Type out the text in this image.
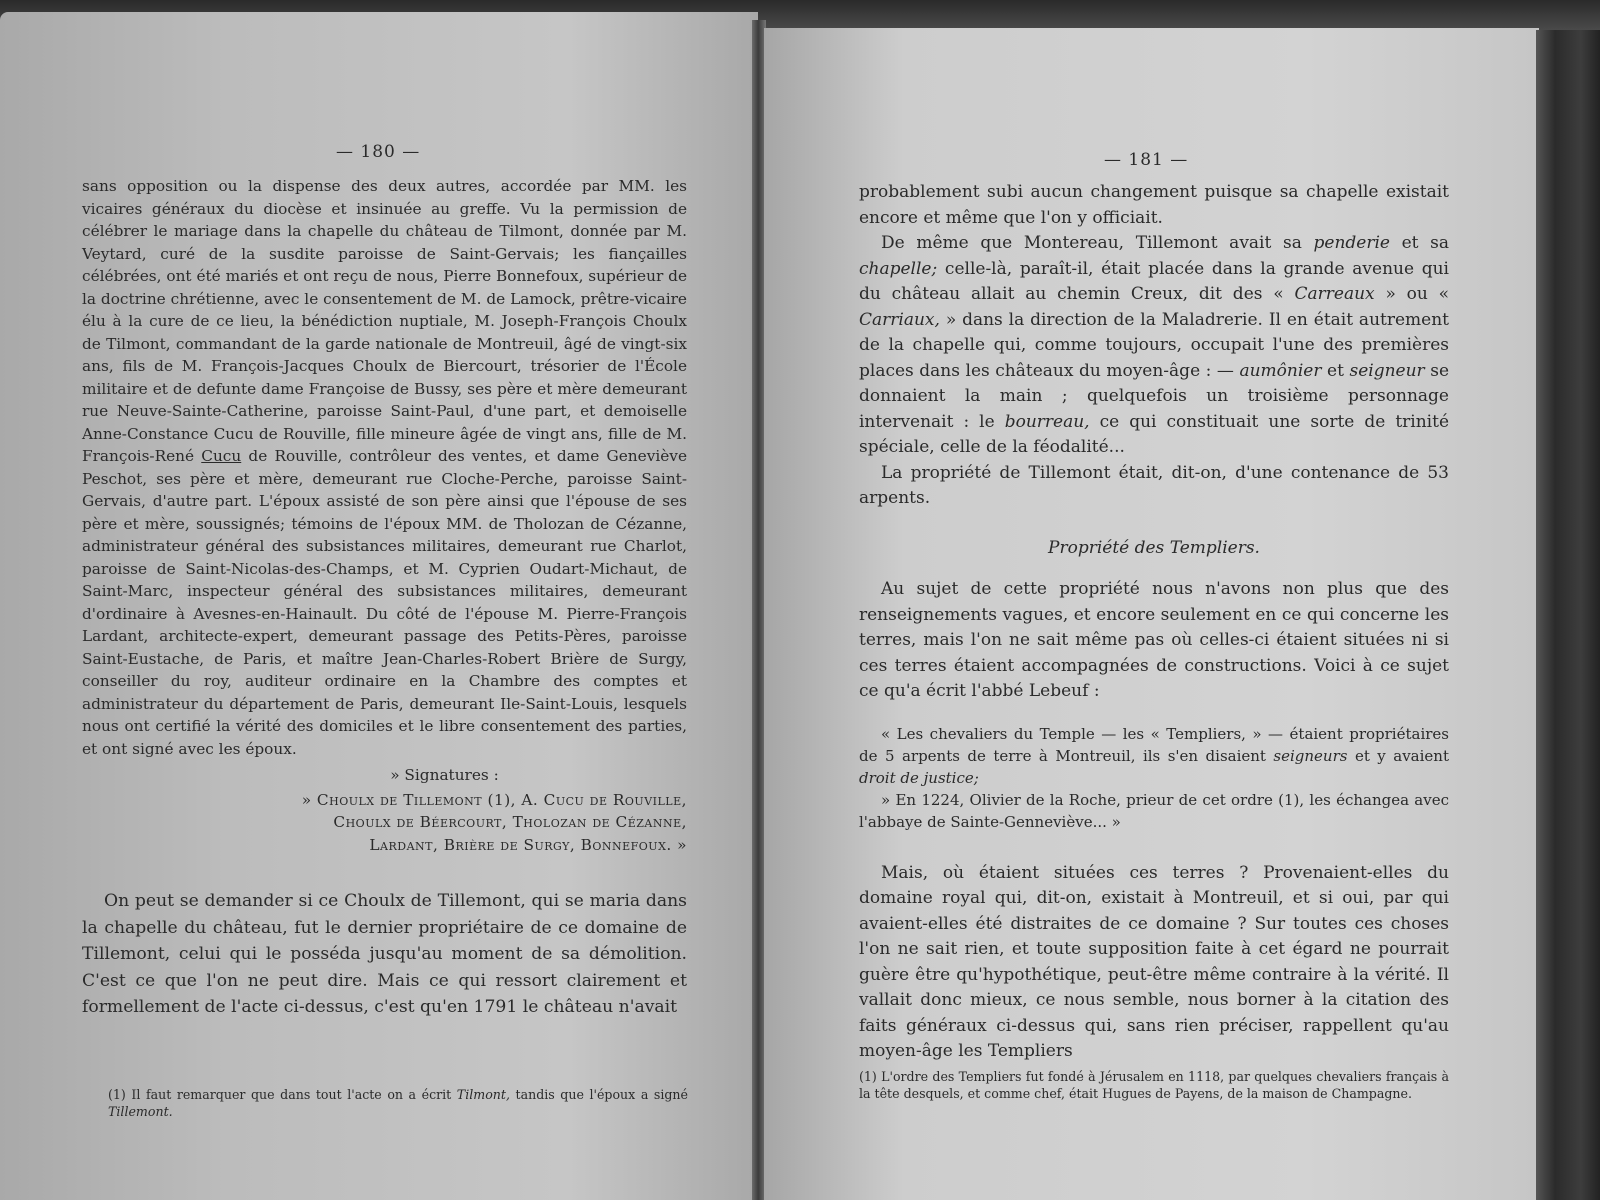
— 180 —

sans opposition ou la dispense des deux autres, accordée par MM. les vicaires généraux du diocèse et insinuée au greffe. Vu la permission de célébrer le mariage dans la chapelle du château de Tilmont, donnée par M. Veytard, curé de la susdite paroisse de Saint-Gervais; les fiançailles célébrées, ont été mariés et ont reçu de nous, Pierre Bonnefoux, supérieur de la doctrine chrétienne, avec le consentement de M. de Lamock, prêtre-vicaire élu à la cure de ce lieu, la bénédiction nuptiale, M. Joseph-François Choulx de Tilmont, commandant de la garde nationale de Montreuil, âgé de vingt-six ans, fils de M. François-Jacques Choulx de Biercourt, trésorier de l'École militaire et de defunte dame Françoise de Bussy, ses père et mère demeurant rue Neuve-Sainte-Catherine, paroisse Saint-Paul, d'une part, et demoiselle Anne-Constance Cucu de Rouville, fille mineure âgée de vingt ans, fille de M. François-René Cucu de Rouville, contrôleur des ventes, et dame Geneviève Peschot, ses père et mère, demeurant rue Cloche-Perche, paroisse Saint-Gervais, d'autre part. L'époux assisté de son père ainsi que l'épouse de ses père et mère, soussignés; témoins de l'époux MM. de Tholozan de Cézanne, administrateur général des subsistances militaires, demeurant rue Charlot, paroisse de Saint-Nicolas-des-Champs, et M. Cyprien Oudart-Michaut, de Saint-Marc, inspecteur général des subsistances militaires, demeurant d'ordinaire à Avesnes-en-Hainault. Du côté de l'épouse M. Pierre-François Lardant, architecte-expert, demeurant passage des Petits-Pères, paroisse Saint-Eustache, de Paris, et maître Jean-Charles-Robert Brière de Surgy, conseiller du roy, auditeur ordinaire en la Chambre des comptes et administrateur du département de Paris, demeurant Ile-Saint-Louis, lesquels nous ont certifié la vérité des domiciles et le libre consentement des parties, et ont signé avec les époux.

» Signatures :

» Choulx de Tillemont (1), A. Cucu de Rouville,

Choulx de Béercourt, Tholozan de Cézanne,

Lardant, Brière de Surgy, Bonnefoux. »

On peut se demander si ce Choulx de Tillemont, qui se maria dans la chapelle du château, fut le dernier propriétaire de ce domaine de Tillemont, celui qui le posséda jusqu'au moment de sa démolition. C'est ce que l'on ne peut dire. Mais ce qui ressort clairement et formellement de l'acte ci-dessus, c'est qu'en 1791 le château n'avait

(1) Il faut remarquer que dans tout l'acte on a écrit Tilmont, tandis que l'époux a signé Tillemont.
— 181 —

probablement subi aucun changement puisque sa chapelle existait encore et même que l'on y officiait.

De même que Montereau, Tillemont avait sa penderie et sa chapelle; celle-là, paraît-il, était placée dans la grande avenue qui du château allait au chemin Creux, dit des « Carreaux » ou « Carriaux, » dans la direction de la Maladrerie. Il en était autrement de la chapelle qui, comme toujours, occupait l'une des premières places dans les châteaux du moyen-âge : — aumônier et seigneur se donnaient la main ; quelquefois un troisième personnage intervenait : le bourreau, ce qui constituait une sorte de trinité spéciale, celle de la féodalité...

La propriété de Tillemont était, dit-on, d'une contenance de 53 arpents.

Propriété des Templiers.

Au sujet de cette propriété nous n'avons non plus que des renseignements vagues, et encore seulement en ce qui concerne les terres, mais l'on ne sait même pas où celles-ci étaient situées ni si ces terres étaient accompagnées de constructions. Voici à ce sujet ce qu'a écrit l'abbé Lebeuf :

« Les chevaliers du Temple — les « Templiers, » — étaient propriétaires de 5 arpents de terre à Montreuil, ils s'en disaient seigneurs et y avaient droit de justice;

» En 1224, Olivier de la Roche, prieur de cet ordre (1), les échangea avec l'abbaye de Sainte-Genneviève... »

Mais, où étaient situées ces terres ? Provenaient-elles du domaine royal qui, dit-on, existait à Montreuil, et si oui, par qui avaient-elles été distraites de ce domaine ? Sur toutes ces choses l'on ne sait rien, et toute supposition faite à cet égard ne pourrait guère être qu'hypothétique, peut-être même contraire à la vérité. Il vallait donc mieux, ce nous semble, nous borner à la citation des faits généraux ci-dessus qui, sans rien préciser, rappellent qu'au moyen-âge les Templiers

(1) L'ordre des Templiers fut fondé à Jérusalem en 1118, par quelques chevaliers français à la tête desquels, et comme chef, était Hugues de Payens, de la maison de Champagne.
